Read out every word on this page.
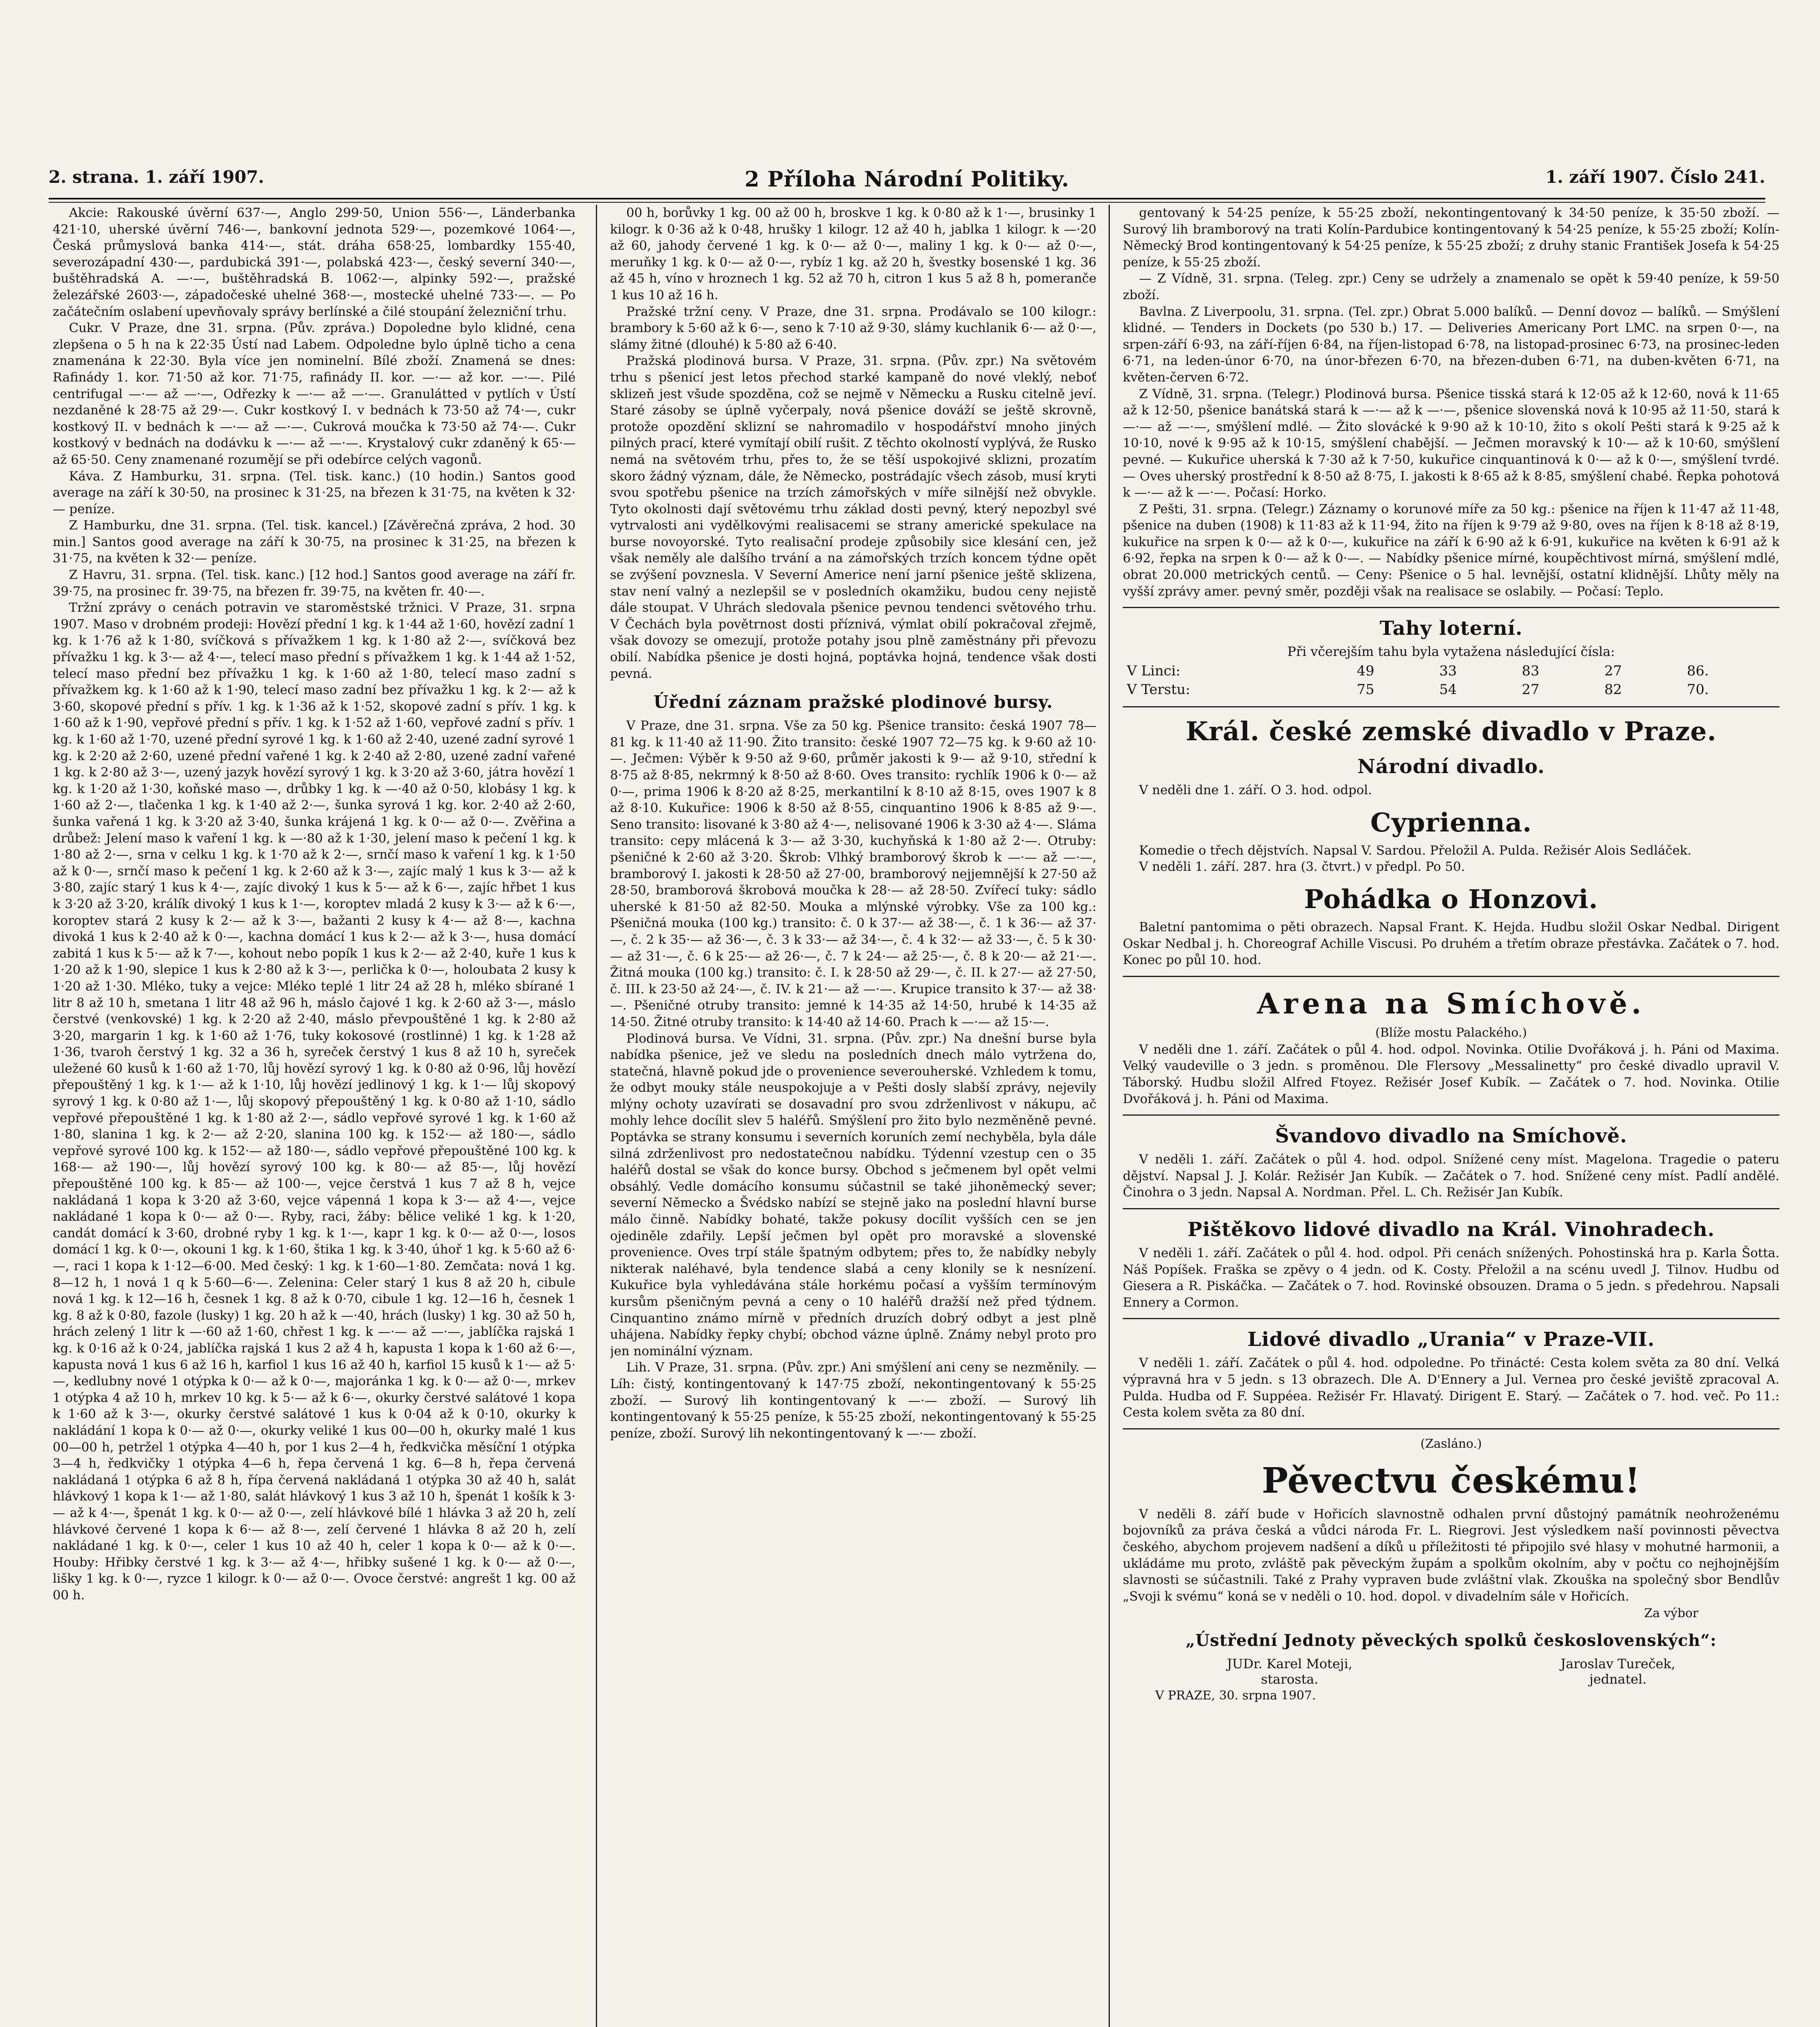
2. strana. 1. září 1907.	2 Příloha Národní Politiky.	1. září 1907. Číslo 241.

Akcie: Rakouské úvěrní 637·—, Anglo 299·50, Union 556·—, Länderbanka 421·10, uherské úvěrní 746·—, bankovní jednota 529·—, pozemkové 1064·—, Česká průmyslová banka 414·—, stát. dráha 658·25, lombardky 155·40, severozápadní 430·—, pardubická 391·—, polabská 423·—, český severní 340·—, buštěhradská A. —·—, buštěhradská B. 1062·—, alpinky 592·—, pražské železářské 2603·—, západočeské uhelné 368·—, mostecké uhelné 733·—. — Po začátečním oslabení upevňovaly správy berlínské a čilé stoupání železniční trhu.

Cukr. V Praze, dne 31. srpna. (Pův. zpráva.) Dopoledne bylo klidné, cena zlepšena o 5 h na k 22·35 Ústí nad Labem. Odpoledne bylo úplně ticho a cena znamenána k 22·30. Byla více jen nominelní. Bílé zboží. Znamená se dnes: Rafinády 1. kor. 71·50 až kor. 71·75, rafinády II. kor. —·— až kor. —·—. Pilé centrifugal —·— až —·—, Odřezky k —·— až —·—. Granulátted v pytlích v Ústí nezdaněné k 28·75 až 29·—. Cukr kostkový I. v bednách k 73·50 až 74·—, cukr kostkový II. v bednách k —·— až —·—. Cukrová moučka k 73·50 až 74·—. Cukr kostkový v bednách na dodávku k —·— až —·—. Krystalový cukr zdaněný k 65·— až 65·50. Ceny znamenané rozumějí se při odebírce celých vagonů.

Káva. Z Hamburku, 31. srpna. (Tel. tisk. kanc.) (10 hodin.) Santos good average na září k 30·50, na prosinec k 31·25, na březen k 31·75, na květen k 32·— penízе.

Z Hamburku, dne 31. srpna. (Tel. tisk. kancel.) [Závěrečná zpráva, 2 hod. 30 min.] Santos good average na září k 30·75, na prosinec k 31·25, na březen k 31·75, na květen k 32·— peníze.

Z Havru, 31. srpna. (Tel. tisk. kanc.) [12 hod.] Santos good average na září fr. 39·75, na prosinec fr. 39·75, na březen fr. 39·75, na květen fr. 40·—.

Tržní zprávy o cenách potravin ve staroměstské tržnici. V Praze, 31. srpna 1907. Maso v drobném prodeji: Hovězí přední 1 kg. k 1·44 až 1·60, hovězí zadní 1 kg. k 1·76 až k 1·80, svíčková s přívažkem 1 kg. k 1·80 až 2·—, svíčková bez přívažku 1 kg. k 3·— až 4·—, telecí maso přední s přívažkem 1 kg. k 1·44 až 1·52, telecí maso přední bez přívažku 1 kg. k 1·60 až 1·80, telecí maso zadní s přívažkem kg. k 1·60 až k 1·90, telecí maso zadní bez přívažku 1 kg. k 2·— až k 3·60, skopové přední s přív. 1 kg. k 1·36 až k 1·52, skopové zadní s přív. 1 kg. k 1·60 až k 1·90, vepřové přední s přív. 1 kg. k 1·52 až 1·60, vepřové zadní s přív. 1 kg. k 1·60 až 1·70, uzené přední syrové 1 kg. k 1·60 až 2·40, uzené zadní syrové 1 kg. k 2·20 až 2·60, uzené přední vařené 1 kg. k 2·40 až 2·80, uzené zadní vařené 1 kg. k 2·80 až 3·—, uzený jazyk hovězí syrový 1 kg. k 3·20 až 3·60, játra hovězí 1 kg. k 1·20 až 1·30, koňské maso —, drůbky 1 kg. k —·40 až 0·50, klobásy 1 kg. k 1·60 až 2·—, tlačenka 1 kg. k 1·40 až 2·—, šunka syrová 1 kg. kor. 2·40 až 2·60, šunka vařená 1 kg. k 3·20 až 3·40, šunka krájená 1 kg. k 0·— až 0·—. Zvěřina a drůbež: Jelení maso k vaření 1 kg. k —·80 až k 1·30, jelení maso k pečení 1 kg. k 1·80 až 2·—, srna v celku 1 kg. k 1·70 až k 2·—, srnčí maso k vaření 1 kg. k 1·50 až k 0·—, srnčí maso k pečení 1 kg. k 2·60 až k 3·—, zajíc malý 1 kus k 3·— až k 3·80, zajíc starý 1 kus k 4·—, zajíc divoký 1 kus k 5·— až k 6·—, zajíc hřbet 1 kus k 3·20 až 3·20, králík divoký 1 kus k 1·—, koroptev mladá 2 kusy k 3·— až k 6·—, koroptev stará 2 kusy k 2·— až k 3·—, bažanti 2 kusy k 4·— až 8·—, kachna divoká 1 kus k 2·40 až k 0·—, kachna domácí 1 kus k 2·— až k 3·—, husa domácí zabitá 1 kus k 5·— až k 7·—, kohout nebo popík 1 kus k 2·— až 2·40, kuře 1 kus k 1·20 až k 1·90, slepice 1 kus k 2·80 až k 3·—, perlička k 0·—, holoubata 2 kusy k 1·20 až 1·30. Mléko, tuky a vejce: Mléko teplé 1 litr 24 až 28 h, mléko sbírané 1 litr 8 až 10 h, smetana 1 litr 48 až 96 h, máslo čajové 1 kg. k 2·60 až 3·—, máslo čerstvé (venkovské) 1 kg. k 2·20 až 2·40, máslo převpouštěné 1 kg. k 2·80 až 3·20, margarin 1 kg. k 1·60 až 1·76, tuky kokosové (rostlinné) 1 kg. k 1·28 až 1·36, tvaroh čerstvý 1 kg. 32 a 36 h, syreček čerstvý 1 kus 8 až 10 h, syreček uležené 60 kusů k 1·60 až 1·70, lůj hovězí syrový 1 kg. k 0·80 až 0·96, lůj hovězí přepouštěný 1 kg. k 1·— až k 1·10, lůj hovězí jedlinový 1 kg. k 1·— lůj skopový syrový 1 kg. k 0·80 až 1·—, lůj skopový přepouštěný 1 kg. k 0·80 až 1·10, sádlo vepřové přepouštěné 1 kg. k 1·80 až 2·—, sádlo vepřové syrové 1 kg. k 1·60 až 1·80, slanina 1 kg. k 2·— až 2·20, slanina 100 kg. k 152·— až 180·—, sádlo vepřové syrové 100 kg. k 152·— až 180·—, sádlo vepřové přepouštěné 100 kg. k 168·— až 190·—, lůj hovězí syrový 100 kg. k 80·— až 85·—, lůj hovězí přepouštěné 100 kg. k 85·— až 100·—, vejce čerstvá 1 kus 7 až 8 h, vejce nakládaná 1 kopa k 3·20 až 3·60, vejce vápenná 1 kopa k 3·— až 4·—, vejce nakládané 1 kopa k 0·— až 0·—. Ryby, raci, žáby: bělice veliké 1 kg. k 1·20, candát domácí k 3·60, drobné ryby 1 kg. k 1·—, kapr 1 kg. k 0·— až 0·—, losos domácí 1 kg. k 0·—, okouni 1 kg. k 1·60, štika 1 kg. k 3·40, úhoř 1 kg. k 5·60 až 6·—, raci 1 kopa k 1·12—6·00. Med český: 1 kg. k 1·60—1·80. Zemčata: nová 1 kg. 8—12 h, 1 nová 1 q k 5·60—6·—. Zelenina: Celer starý 1 kus 8 až 20 h, cibule nová 1 kg. k 12—16 h, česnek 1 kg. 8 až k 0·70, cibule 1 kg. 12—16 h, česnek 1 kg. 8 až k 0·80, fazole (lusky) 1 kg. 20 h až k —·40, hrách (lusky) 1 kg. 30 až 50 h, hrách zelený 1 litr k —·60 až 1·60, chřest 1 kg. k —·— až —·—, jablíčka rajská 1 kg. k 0·16 až k 0·24, jablíčka rajská 1 kus 2 až 4 h, kapusta 1 kopa k 1·60 až 6·—, kapusta nová 1 kus 6 až 16 h, karfiol 1 kus 16 až 40 h, karfiol 15 kusů k 1·— až 5·—, kedlubny nové 1 otýpka k 0·— až k 0·—, majoránka 1 kg. k 0·— až 0·—, mrkev 1 otýpka 4 až 10 h, mrkev 10 kg. k 5·— až k 6·—, okurky čerstvé salátové 1 kopa k 1·60 až k 3·—, okurky čerstvé salátové 1 kus k 0·04 až k 0·10, okurky k nakládání 1 kopa k 0·— až 0·—, okurky veliké 1 kus 00—00 h, okurky malé 1 kus 00—00 h, petržel 1 otýpka 4—40 h, por 1 kus 2—4 h, ředkvička měsíční 1 otýpka 3—4 h, ředkvičky 1 otýpka 4—6 h, řepa červená 1 kg. 6—8 h, řepa červená nakládaná 1 otýpka 6 až 8 h, řípa červená nakládaná 1 otýpka 30 až 40 h, salát hlávkový 1 kopa k 1·— až 1·80, salát hlávkový 1 kus 3 až 10 h, špenát 1 košík k 3·— až k 4·—, špenát 1 kg. k 0·— až 0·—, zelí hlávkové bílé 1 hlávka 3 až 20 h, zelí hlávkové červené 1 kopa k 6·— až 8·—, zelí červené 1 hlávka 8 až 20 h, zelí nakládané 1 kg. k 0·—, celer 1 kus 10 až 40 h, celer 1 kopa k 0·— až k 0·—. Houby: Hřibky čerstvé 1 kg. k 3·— až 4·—, hřibky sušené 1 kg. k 0·— až 0·—, lišky 1 kg. k 0·—, ryzce 1 kilogr. k 0·— až 0·—. Ovoce čerstvé: angrešt 1 kg. 00 až 00 h.

00 h, borůvky 1 kg. 00 až 00 h, broskve 1 kg. k 0·80 až k 1·—, brusinky 1 kilogr. k 0·36 až k 0·48, hrušky 1 kilogr. 12 až 40 h, jablka 1 kilogr. k —·20 až 60, jahody červené 1 kg. k 0·— až 0·—, maliny 1 kg. k 0·— až 0·—, meruňky 1 kg. k 0·— až 0·—, rybíz 1 kg. až 20 h, švestky bosenské 1 kg. 36 až 45 h, víno v hroznech 1 kg. 52 až 70 h, citron 1 kus 5 až 8 h, pomeranče 1 kus 10 až 16 h.

Pražské tržní ceny. V Praze, dne 31. srpna. Prodávalo se 100 kilogr.: brambory k 5·60 až k 6·—, seno k 7·10 až 9·30, slámy kuchlanik 6·— až 0·—, slámy žitné (dlouhé) k 5·80 až 6·40.

Pražská plodinová bursa. V Praze, 31. srpna. (Pův. zpr.) Na světovém trhu s pšenicí jest letos přechod starké kampaně do nové vleklý, neboť sklizeň jest všude spozděna, což se nejmě v Německu a Rusku citelně jeví. Staré zásoby se úplně vyčerpaly, nová pšenice dováží se ještě skrovně, protože opozdění sklizní se nahromadilo v hospodářství mnoho jiných pilných prací, které vymítají obilí rušit. Z těchto okolností vyplývá, že Rusko nemá na světovém trhu, přes to, že se těší uspokojivé sklizni, prozatím skoro žádný význam, dále, že Německo, postrádajíc všech zásob, musí kryti svou spotřebu pšenice na trzích zámořských v míře silnější než obvykle. Tyto okolnosti dají světovému trhu základ dosti pevný, který nepozbyl své vytrvalosti ani vydělkovými realisacemi se strany americké spekulace na burse novoyorské. Tyto realisační prodeje způsobily sice klesání cen, jež však neměly ale dalšího trvání a na zámořských trzích koncem týdne opět se zvýšení povznesla. V Severní Americe není jarní pšenice ještě sklizena, stav není valný a nezlepšil se v posledních okamžiku, budou ceny nejistě dále stoupat. V Uhrách sledovala pšenice pevnou tendenci světového trhu. V Čechách byla povětrnost dosti příznivá, výmlat obilí pokračoval zřejmě, však dovozy se omezují, protože potahy jsou plně zaměstnány při převozu obilí. Nabídka pšenice je dosti hojná, poptávka hojná, tendence však dosti pevná.

Úřední záznam pražské plodinové bursy.

V Praze, dne 31. srpna. Vše za 50 kg. Pšenice transito: česká 1907 78—81 kg. k 11·40 až 11·90. Žito transito: české 1907 72—75 kg. k 9·60 až 10·—. Ječmen: Výběr k 9·50 až 9·60, průměr jakosti k 9·— až 9·10, střední k 8·75 až 8·85, nekrmný k 8·50 až 8·60. Oves transito: rychlík 1906 k 0·— až 0·—, prima 1906 k 8·20 až 8·25, merkantilní k 8·10 až 8·15, oves 1907 k 8 až 8·10. Kukuřice: 1906 k 8·50 až 8·55, cinquantino 1906 k 8·85 až 9·—. Seno transito: lisované k 3·80 až 4·—, nelisované 1906 k 3·30 až 4·—. Sláma transito: cepy mlácená k 3·— až 3·30, kuchyňská k 1·80 až 2·—. Otruby: pšeničné k 2·60 až 3·20. Škrob: Vlhký bramborový škrob k —·— až —·—, bramborový I. jakosti k 28·50 až 27·00, bramborový nejjemnější k 27·50 až 28·50, bramborová škrobová moučka k 28·— až 28·50. Zvířecí tuky: sádlo uherské k 81·50 až 82·50. Mouka a mlýnské výrobky. Vše za 100 kg.: Pšeničná mouka (100 kg.) transito: č. 0 k 37·— až 38·—, č. 1 k 36·— až 37·—, č. 2 k 35·— až 36·—, č. 3 k 33·— až 34·—, č. 4 k 32·— až 33·—, č. 5 k 30·— až 31·—, č. 6 k 25·— až 26·—, č. 7 k 24·— až 25·—, č. 8 k 20·— až 21·—. Žitná mouka (100 kg.) transito: č. I. k 28·50 až 29·—, č. II. k 27·— až 27·50, č. III. k 23·50 až 24·—, č. IV. k 21·— až —·—. Krupice transito k 37·— až 38·—. Pšeničné otruby transito: jemné k 14·35 až 14·50, hrubé k 14·35 až 14·50. Žitné otruby transito: k 14·40 až 14·60. Prach k —·— až 15·—.

Plodinová bursa. Ve Vídni, 31. srpna. (Pův. zpr.) Na dnešní burse byla nabídka pšenice, jež ve sledu na posledních dnech málo vytržena do, statečná, hlavně pokud jde o provenience severouherské. Vzhledem k tomu, že odbyt mouky stále neuspokojuje a v Pešti dosly slabší zprávy, nejevily mlýny ochoty uzavírati se dosavadní pro svou zdrženlivost v nákupu, ač mohly lehce docílit slev 5 haléřů. Smýšlení pro žito bylo nezměněně pevné. Poptávka se strany konsumu i severních koruních zemí nechyběla, byla dále silná zdrženlivost pro nedostatečnou nabídku. Týdenní vzestup cen o 35 haléřů dostal se však do konce bursy. Obchod s ječmenem byl opět velmi obsáhlý. Vedle domácího konsumu súčastnil se také jihoněmecký sever; severní Německo a Švédsko nabízí se stejně jako na poslední hlavní burse málo činně. Nabídky bohaté, takže pokusy docílit vyšších cen se jen ojediněle zdařily. Lepší ječmen byl opět pro moravské a slovenské provenience. Oves trpí stále špatným odbytem; přes to, že nabídky nebyly nikterak naléhavé, byla tendence slabá a ceny klonily se k nesnízení. Kukuřice byla vyhledávána stále horkému počasí a vyšším termínovým kursům pšeničným pevná a ceny o 10 haléřů dražší než před týdnem. Cinquantino známo mírně v předních druzích dobrý odbyt a jest plně uhájena. Nabídky řepky chybí; obchod vázne úplně. Známy nebyl proto pro jen nominální význam.

Lih. V Praze, 31. srpna. (Pův. zpr.) Ani smýšlení ani ceny se nezměnily. — Líh: čistý, kontingentovaný k 147·75 zboží, nekontingentovaný k 55·25 zboží. — Surový lih kontingentovaný k —·— zboží. — Surový lih kontingentovaný k 55·25 peníze, k 55·25 zboží, nekontingentovaný k 55·25 peníze, zboží. Surový lih nekontingentovaný k —·— zboží.

gentovaný k 54·25 peníze, k 55·25 zboží, nekontingentovaný k 34·50 peníze, k 35·50 zboží. — Surový lih bramborový na trati Kolín-Pardubice kontingentovaný k 54·25 peníze, k 55·25 zboží; Kolín-Německý Brod kontingentovaný k 54·25 peníze, k 55·25 zboží; z druhy stanic František Josefa k 54·25 peníze, k 55·25 zboží.

— Z Vídně, 31. srpna. (Teleg. zpr.) Ceny se udržely a znamenalo se opět k 59·40 peníze, k 59·50 zboží.

Bavlna. Z Liverpoolu, 31. srpna. (Tel. zpr.) Obrat 5.000 balíků. — Denní dovoz — balíků. — Smýšlení klidné. — Tenders in Dockets (po 530 b.) 17. — Deliveries Americany Port LMC. na srpen 0·—, na srpen-září 6·93, na září-říjen 6·84, na říjen-listopad 6·78, na listopad-prosinec 6·73, na prosinec-leden 6·71, na leden-únor 6·70, na únor-březen 6·70, na březen-duben 6·71, na duben-květen 6·71, na květen-červen 6·72.

Z Vídně, 31. srpna. (Telegr.) Plodinová bursa. Pšenice tisská stará k 12·05 až k 12·60, nová k 11·65 až k 12·50, pšenice banátská stará k —·— až k —·—, pšenice slovenská nová k 10·95 až 11·50, stará k —·— až —·—, smýšlení mdlé. — Žito slovácké k 9·90 až k 10·10, žito s okolí Pešti stará k 9·25 až k 10·10, nové k 9·95 až k 10·15, smýšlení chabější. — Ječmen moravský k 10·— až k 10·60, smýšlení pevné. — Kukuřice uherská k 7·30 až k 7·50, kukuřice cinquantinová k 0·— až k 0·—, smýšlení tvrdé. — Oves uherský prostřední k 8·50 až 8·75, I. jakosti k 8·65 až k 8·85, smýšlení chabé. Řepka pohotová k —·— až k —·—. Počasí: Horko.

Z Pešti, 31. srpna. (Telegr.) Záznamy o korunové míře za 50 kg.: pšenice na říjen k 11·47 až 11·48, pšenice na duben (1908) k 11·83 až k 11·94, žito na říjen k 9·79 až 9·80, oves na říjen k 8·18 až 8·19, kukuřice na srpen k 0·— až k 0·—, kukuřice na září k 6·90 až k 6·91, kukuřice na květen k 6·91 až k 6·92, řepka na srpen k 0·— až k 0·—. — Nabídky pšenice mírné, koupěchtivost mírná, smýšlení mdlé, obrat 20.000 metrických centů. — Ceny: Pšenice o 5 hal. levnější, ostatní klidnější. Lhůty měly na vyšší zprávy amer. pevný směr, později však na realisace se oslabily. — Počasí: Teplo.

Tahy loterní.
Při včerejším tahu byla vytažena následující čísla:
V Linci:	49	33	83	27	86.
V Terstu:	75	54	27	82	70.
Král. české zemské divadlo v Praze.
Národní divadlo.

V neděli dne 1. září. O 3. hod. odpol.

Cyprienna.

Komedie o třech dějstvích. Napsal V. Sardou. Přeložil A. Pulda. Režisér Alois Sedláček.

V neděli 1. září. 287. hra (3. čtvrt.) v předpl. Po 50.

Pohádka o Honzovi.

Baletní pantomima o pěti obrazech. Napsal Frant. K. Hejda. Hudbu složil Oskar Nedbal. Dirigent Oskar Nedbal j. h. Choreograf Achille Viscusi. Po druhém a třetím obraze přestávka. Začátek o 7. hod. Konec po půl 10. hod.

Arena na Smíchově.
(Blíže mostu Palackého.)

V neděli dne 1. září. Začátek o půl 4. hod. odpol. Novinka. Otilie Dvořáková j. h. Páni od Maxima. Velký vaudeville o 3 jedn. s proměnou. Dle Flersovy „Messalinetty“ pro české divadlo upravil V. Táborský. Hudbu složil Alfred Ftoyez. Režisér Josef Kubík. — Začátek o 7. hod. Novinka. Otilie Dvořáková j. h. Páni od Maxima.

Švandovo divadlo na Smíchově.

V neděli 1. září. Začátek o půl 4. hod. odpol. Snížené ceny míst. Magelona. Tragedie o pateru dějství. Napsal J. J. Kolár. Režisér Jan Kubík. — Začátek o 7. hod. Snížené ceny míst. Padlí andělé. Činohra o 3 jedn. Napsal A. Nordman. Přel. L. Ch. Režisér Jan Kubík.

Pištěkovo lidové divadlo na Král. Vinohradech.

V neděli 1. září. Začátek o půl 4. hod. odpol. Při cenách snížených. Pohostinská hra p. Karla Šotta. Náš Popíšek. Fraška se zpěvy o 4 jedn. od K. Costy. Přeložil a na scénu uvedl J. Tilnov. Hudbu od Giesera a R. Piskáčka. — Začátek o 7. hod. Rovinské obsouzen. Drama o 5 jedn. s předehrou. Napsali Ennery a Cormon.

Lidové divadlo „Urania“ v Praze-VII.

V neděli 1. září. Začátek o půl 4. hod. odpoledne. Po třinácté: Cesta kolem světa za 80 dní. Velká výpravná hra v 5 jedn. s 13 obrazech. Dle A. D'Ennery a Jul. Vernea pro české jeviště zpracoval A. Pulda. Hudba od F. Suppéea. Režisér Fr. Hlavatý. Dirigent E. Starý. — Začátek o 7. hod. več. Po 11.: Cesta kolem světa za 80 dní.

(Zasláno.)
Pěvectvu českému!

V neděli 8. září bude v Hořicích slavnostně odhalen první důstojný památník neohroženému bojovníků za práva česká a vůdci národa Fr. L. Riegrovi. Jest výsledkem naší povinnosti pěvectva českého, abychom projevem nadšení a díků u příležitosti té připojilo své hlasy v mohutné harmonii, a ukládáme mu proto, zvláště pak pěveckým župám a spolkům okolním, aby v počtu co nejhojnějším slavnosti se súčastnili. Také z Prahy vypraven bude zvláštní vlak. Zkouška na společný sbor Bendlův „Svoji k svému“ koná se v neděli o 10. hod. dopol. v divadelním sále v Hořicích.

Za výbor
„Ústřední Jednoty pěveckých spolků československých“:
JUDr. Karel Moteji,
starosta.
Jaroslav Tureček,
jednatel.
V PRAZE, 30. srpna 1907.
